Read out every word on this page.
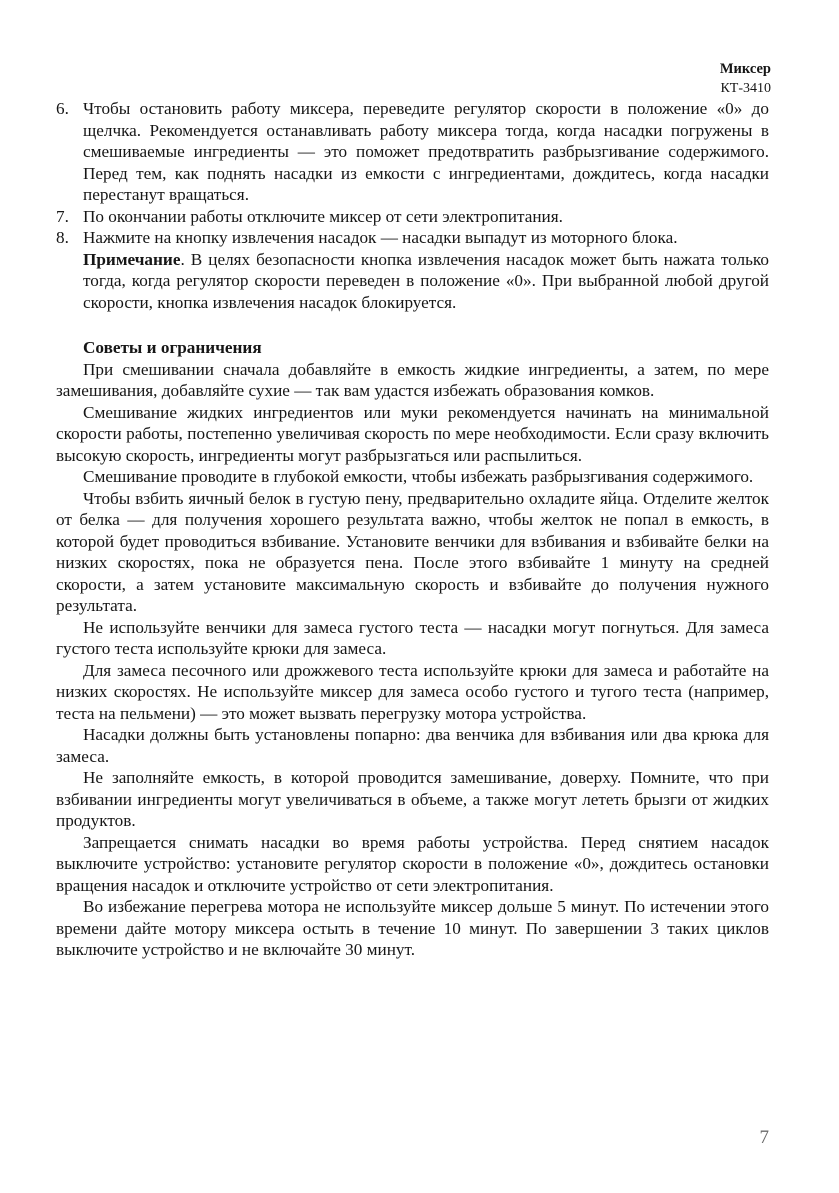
Миксер
КТ-3410
6. Чтобы остановить работу миксера, переведите регулятор скорости в положение «0» до щелчка. Рекомендуется останавливать работу миксера тогда, когда насадки погружены в смешиваемые ингредиенты — это поможет предотвратить разбрызгивание содержимого. Перед тем, как поднять насадки из емкости с ингредиентами, дождитесь, когда насадки перестанут вращаться.
7. По окончании работы отключите миксер от сети электропитания.
8. Нажмите на кнопку извлечения насадок — насадки выпадут из моторного блока.

Примечание. В целях безопасности кнопка извлечения насадок может быть нажата только тогда, когда регулятор скорости переведен в положение «0». При выбранной любой другой скорости, кнопка извлечения насадок блокируется.

Советы и ограничения

При смешивании сначала добавляйте в емкость жидкие ингредиенты, а затем, по мере замешивания, добавляйте сухие — так вам удастся избежать образования комков.

Смешивание жидких ингредиентов или муки рекомендуется начинать на минимальной скорости работы, постепенно увеличивая скорость по мере необходимости. Если сразу включить высокую скорость, ингредиенты могут разбрызгаться или распылиться.

Смешивание проводите в глубокой емкости, чтобы избежать разбрызгивания содержимого.

Чтобы взбить яичный белок в густую пену, предварительно охладите яйца. Отделите желток от белка — для получения хорошего результата важно, чтобы желток не попал в емкость, в которой будет проводиться взбивание. Установите венчики для взбивания и взбивайте белки на низких скоростях, пока не образуется пена. После этого взбивайте 1 минуту на средней скорости, а затем установите максимальную скорость и взбивайте до получения нужного результата.

Не используйте венчики для замеса густого теста — насадки могут погнуться. Для замеса густого теста используйте крюки для замеса.

Для замеса песочного или дрожжевого теста используйте крюки для замеса и работайте на низких скоростях. Не используйте миксер для замеса особо густого и тугого теста (например, теста на пельмени) — это может вызвать перегрузку мотора устройства.

Насадки должны быть установлены попарно: два венчика для взбивания или два крюка для замеса.

Не заполняйте емкость, в которой проводится замешивание, доверху. Помните, что при взбивании ингредиенты могут увеличиваться в объеме, а также могут лететь брызги от жидких продуктов.

Запрещается снимать насадки во время работы устройства. Перед снятием насадок выключите устройство: установите регулятор скорости в положение «0», дождитесь остановки вращения насадок и отключите устройство от сети электропитания.

Во избежание перегрева мотора не используйте миксер дольше 5 минут. По истечении этого времени дайте мотору миксера остыть в течение 10 минут. По завершении 3 таких циклов выключите устройство и не включайте 30 минут.

7
